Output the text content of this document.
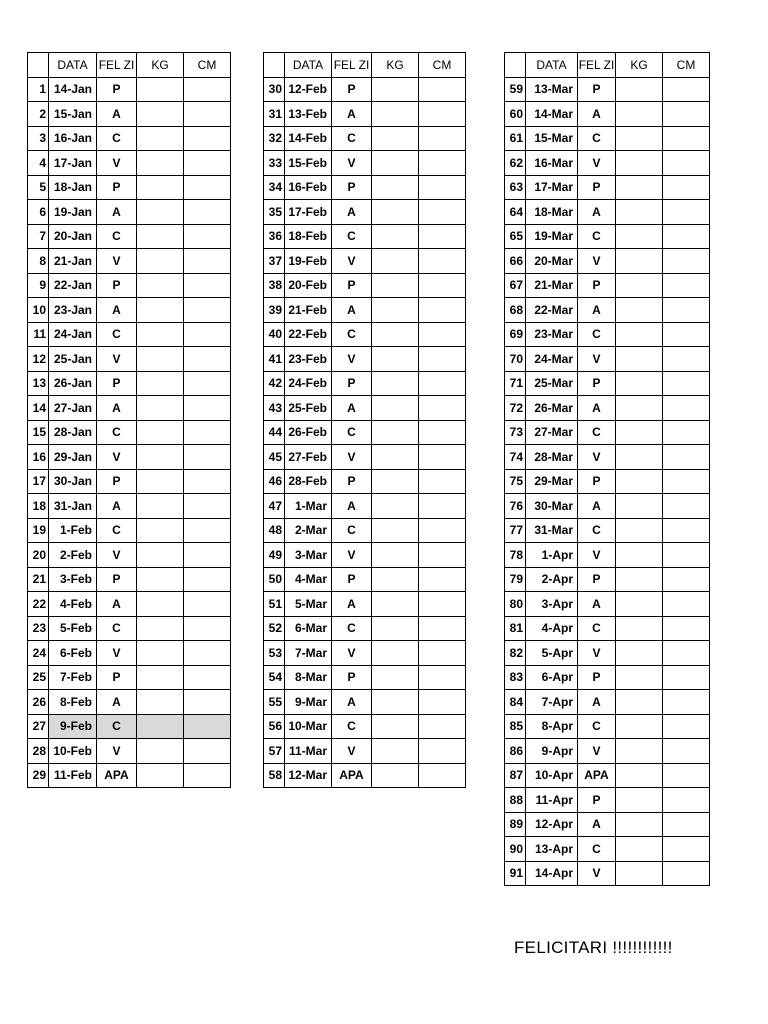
	DATA	FEL ZI	KG	CM
1	14-Jan	P		
2	15-Jan	A		
3	16-Jan	C		
4	17-Jan	V		
5	18-Jan	P		
6	19-Jan	A		
7	20-Jan	C		
8	21-Jan	V		
9	22-Jan	P		
10	23-Jan	A		
11	24-Jan	C		
12	25-Jan	V		
13	26-Jan	P		
14	27-Jan	A		
15	28-Jan	C		
16	29-Jan	V		
17	30-Jan	P		
18	31-Jan	A		
19	1-Feb	C		
20	2-Feb	V		
21	3-Feb	P		
22	4-Feb	A		
23	5-Feb	C		
24	6-Feb	V		
25	7-Feb	P		
26	8-Feb	A		
27	9-Feb	C		
28	10-Feb	V		
29	11-Feb	APA		
	DATA	FEL ZI	KG	CM
30	12-Feb	P		
31	13-Feb	A		
32	14-Feb	C		
33	15-Feb	V		
34	16-Feb	P		
35	17-Feb	A		
36	18-Feb	C		
37	19-Feb	V		
38	20-Feb	P		
39	21-Feb	A		
40	22-Feb	C		
41	23-Feb	V		
42	24-Feb	P		
43	25-Feb	A		
44	26-Feb	C		
45	27-Feb	V		
46	28-Feb	P		
47	1-Mar	A		
48	2-Mar	C		
49	3-Mar	V		
50	4-Mar	P		
51	5-Mar	A		
52	6-Mar	C		
53	7-Mar	V		
54	8-Mar	P		
55	9-Mar	A		
56	10-Mar	C		
57	11-Mar	V		
58	12-Mar	APA		
	DATA	FEL ZI	KG	CM
59	13-Mar	P		
60	14-Mar	A		
61	15-Mar	C		
62	16-Mar	V		
63	17-Mar	P		
64	18-Mar	A		
65	19-Mar	C		
66	20-Mar	V		
67	21-Mar	P		
68	22-Mar	A		
69	23-Mar	C		
70	24-Mar	V		
71	25-Mar	P		
72	26-Mar	A		
73	27-Mar	C		
74	28-Mar	V		
75	29-Mar	P		
76	30-Mar	A		
77	31-Mar	C		
78	1-Apr	V		
79	2-Apr	P		
80	3-Apr	A		
81	4-Apr	C		
82	5-Apr	V		
83	6-Apr	P		
84	7-Apr	A		
85	8-Apr	C		
86	9-Apr	V		
87	10-Apr	APA		
88	11-Apr	P		
89	12-Apr	A		
90	13-Apr	C		
91	14-Apr	V		
FELICITARI !!!!!!!!!!!!
